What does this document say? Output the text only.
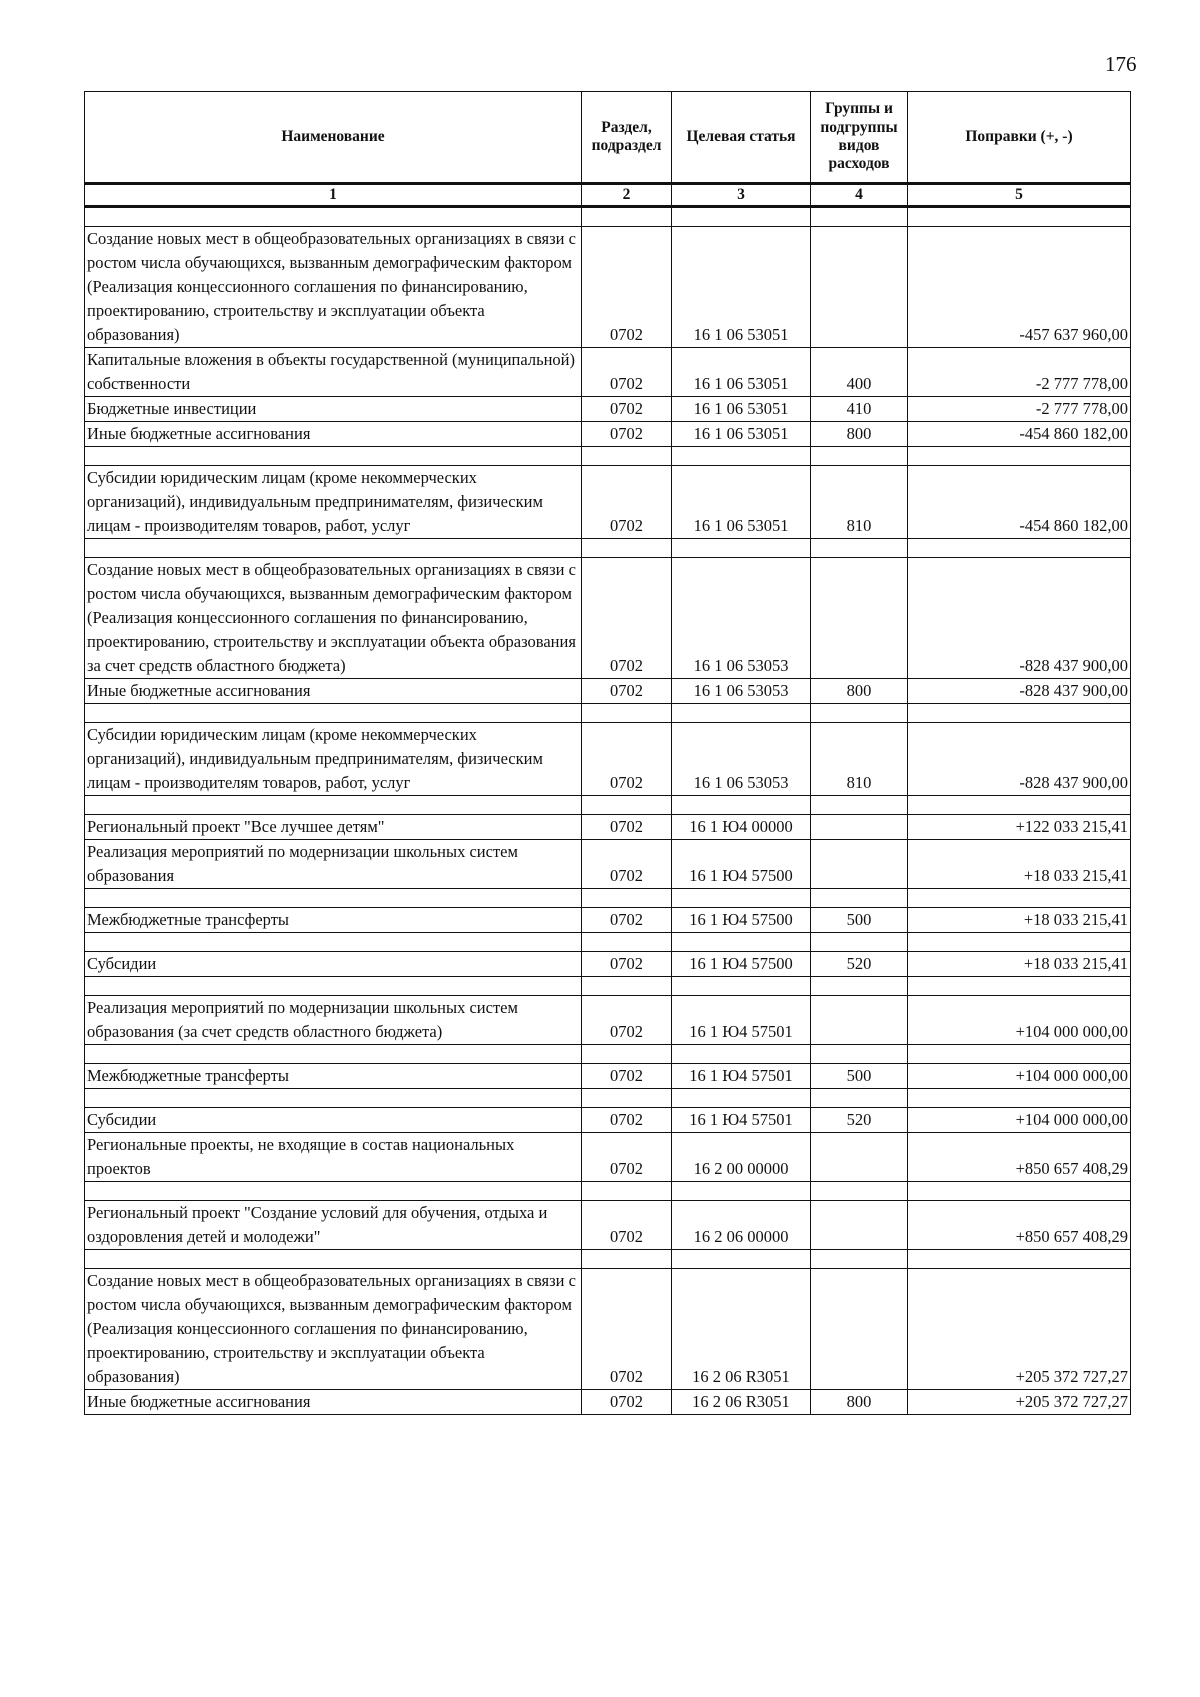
176
Наименование	Раздел, подраздел	Целевая статья	Группы и подгруппы видов расходов	Поправки (+, -)
1	2	3	4	5

Создание новых мест в общеобразовательных организациях в связи с ростом числа обучающихся, вызванным демографическим фактором (Реализация концессионного соглашения по финансированию, проектированию, строительству и эксплуатации объекта образования)	0702	16 1 06 53051		-457 637 960,00
Капитальные вложения в объекты государственной (муниципальной) собственности	0702	16 1 06 53051	400	-2 777 778,00
Бюджетные инвестиции	0702	16 1 06 53051	410	-2 777 778,00
Иные бюджетные ассигнования	0702	16 1 06 53051	800	-454 860 182,00

Субсидии юридическим лицам (кроме некоммерческих организаций), индивидуальным предпринимателям, физическим лицам - производителям товаров, работ, услуг	0702	16 1 06 53051	810	-454 860 182,00

Создание новых мест в общеобразовательных организациях в связи с ростом числа обучающихся, вызванным демографическим фактором (Реализация концессионного соглашения по финансированию, проектированию, строительству и эксплуатации объекта образования за счет средств областного бюджета)	0702	16 1 06 53053		-828 437 900,00
Иные бюджетные ассигнования	0702	16 1 06 53053	800	-828 437 900,00

Субсидии юридическим лицам (кроме некоммерческих организаций), индивидуальным предпринимателям, физическим лицам - производителям товаров, работ, услуг	0702	16 1 06 53053	810	-828 437 900,00

Региональный проект "Все лучшее детям"	0702	16 1 Ю4 00000		+122 033 215,41
Реализация мероприятий по модернизации школьных систем образования	0702	16 1 Ю4 57500		+18 033 215,41

Межбюджетные трансферты	0702	16 1 Ю4 57500	500	+18 033 215,41

Субсидии	0702	16 1 Ю4 57500	520	+18 033 215,41

Реализация мероприятий по модернизации школьных систем образования (за счет средств областного бюджета)	0702	16 1 Ю4 57501		+104 000 000,00

Межбюджетные трансферты	0702	16 1 Ю4 57501	500	+104 000 000,00

Субсидии	0702	16 1 Ю4 57501	520	+104 000 000,00
Региональные проекты, не входящие в состав национальных проектов	0702	16 2 00 00000		+850 657 408,29

Региональный проект "Создание условий для обучения, отдыха и оздоровления детей и молодежи"	0702	16 2 06 00000		+850 657 408,29

Создание новых мест в общеобразовательных организациях в связи с ростом числа обучающихся, вызванным демографическим фактором (Реализация концессионного соглашения по финансированию, проектированию, строительству и эксплуатации объекта образования)	0702	16 2 06 R3051		+205 372 727,27
Иные бюджетные ассигнования	0702	16 2 06 R3051	800	+205 372 727,27
